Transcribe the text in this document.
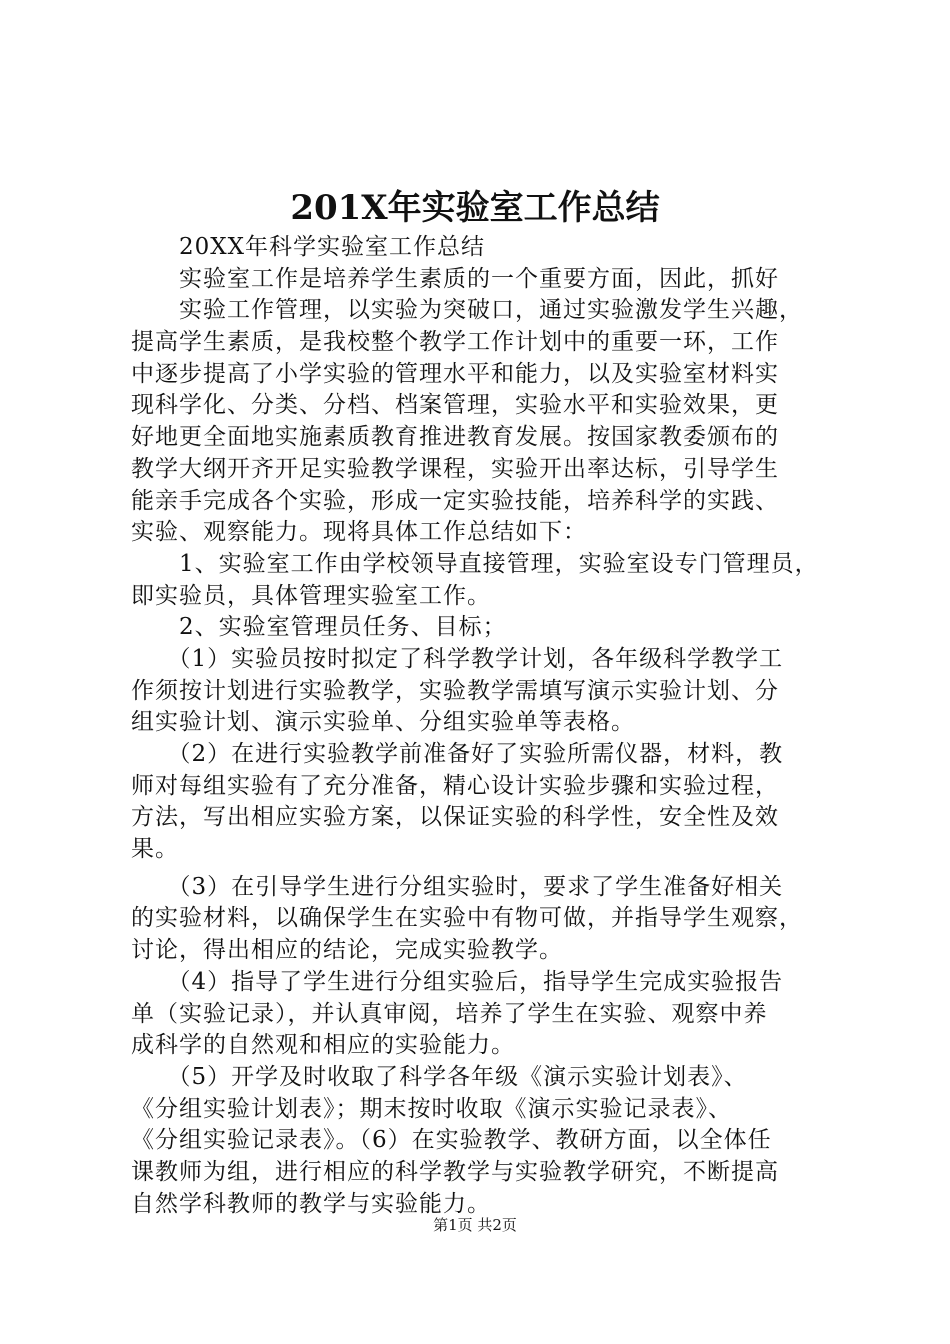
201X年实验室工作总结
　　20XX年科学实验室工作总结
　　实验室工作是培养学生素质的一个重要方面，因此，抓好
　　实验工作管理，以实验为突破口，通过实验激发学生兴趣，
提高学生素质，是我校整个教学工作计划中的重要一环，工作
中逐步提高了小学实验的管理水平和能力，以及实验室材料实
现科学化、分类、分档、档案管理，实验水平和实验效果，更
好地更全面地实施素质教育推进教育发展。按国家教委颁布的
教学大纲开齐开足实验教学课程，实验开出率达标，引导学生
能亲手完成各个实验，形成一定实验技能，培养科学的实践、
实验、观察能力。现将具体工作总结如下：
　　1、实验室工作由学校领导直接管理，实验室设专门管理员，
即实验员，具体管理实验室工作。
　　2、实验室管理员任务、目标；
　　（1）实验员按时拟定了科学教学计划，各年级科学教学工
作须按计划进行实验教学，实验教学需填写演示实验计划、分
组实验计划、演示实验单、分组实验单等表格。
　　（2）在进行实验教学前准备好了实验所需仪器，材料，教
师对每组实验有了充分准备，精心设计实验步骤和实验过程，
方法，写出相应实验方案，以保证实验的科学性，安全性及效
果。
　　（3）在引导学生进行分组实验时，要求了学生准备好相关
的实验材料，以确保学生在实验中有物可做，并指导学生观察，
讨论，得出相应的结论，完成实验教学。
　　（4）指导了学生进行分组实验后，指导学生完成实验报告
单（实验记录），并认真审阅，培养了学生在实验、观察中养
成科学的自然观和相应的实验能力。
　　（5）开学及时收取了科学各年级《演示实验计划表》、
《分组实验计划表》；期末按时收取《演示实验记录表》、
《分组实验记录表》。（6）在实验教学、教研方面，以全体任
课教师为组，进行相应的科学教学与实验教学研究，不断提高
自然学科教师的教学与实验能力。
第1页 共2页
